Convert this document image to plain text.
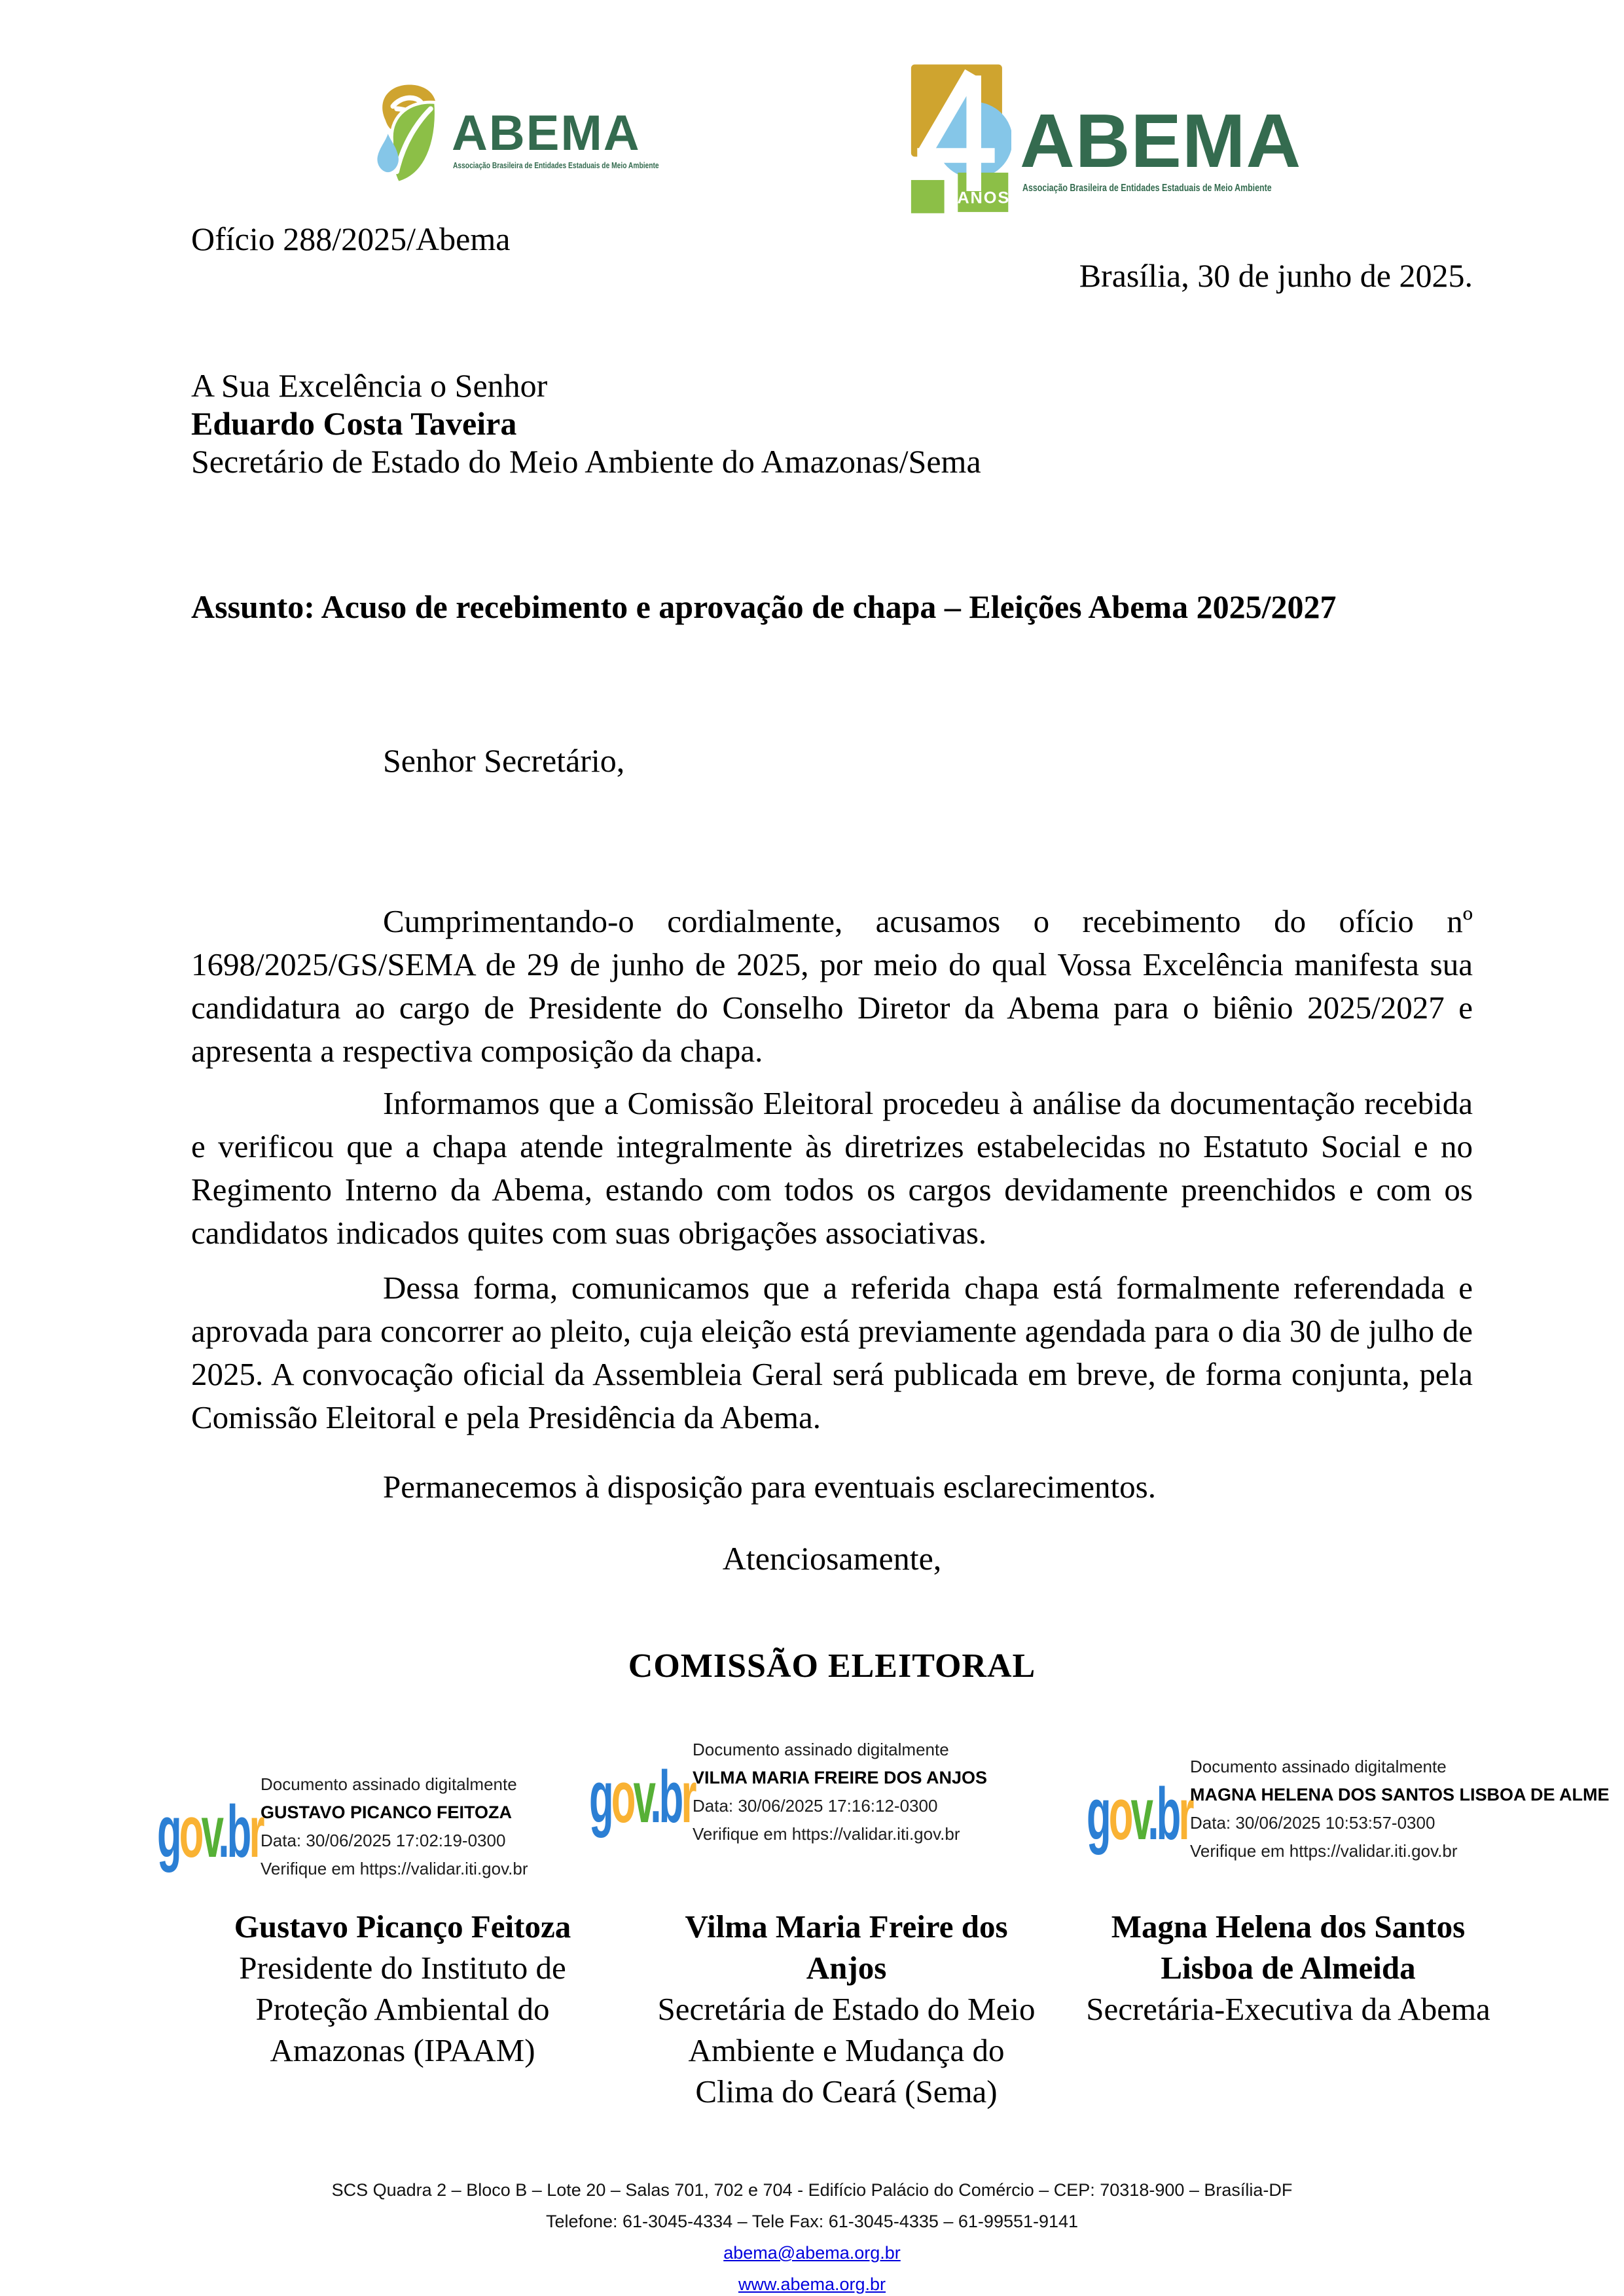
ABEMA
Associação Brasileira de Entidades Estaduais de Meio Ambiente
ANOS
ABEMA
Associação Brasileira de Entidades Estaduais de Meio Ambiente
Ofício 288/2025/Abema
Brasília, 30 de junho de 2025.
A Sua Excelência o Senhor
Eduardo Costa Taveira
Secretário de Estado do Meio Ambiente do Amazonas/Sema
Assunto: Acuso de recebimento e aprovação de chapa – Eleições Abema 2025/2027
Senhor Secretário,
Cumprimentando-o cordialmente, acusamos o recebimento do ofício nº 1698/2025/GS/SEMA de 29 de junho de 2025, por meio do qual Vossa Excelência manifesta sua candidatura ao cargo de Presidente do Conselho Diretor da Abema para o biênio 2025/2027 e apresenta a respectiva composição da chapa.
Informamos que a Comissão Eleitoral procedeu à análise da documentação recebida e verificou que a chapa atende integralmente às diretrizes estabelecidas no Estatuto Social e no Regimento Interno da Abema, estando com todos os cargos devidamente preenchidos e com os candidatos indicados quites com suas obrigações associativas.
Dessa forma, comunicamos que a referida chapa está formalmente referendada e aprovada para concorrer ao pleito, cuja eleição está previamente agendada para o dia 30 de julho de 2025. A convocação oficial da Assembleia Geral será publicada em breve, de forma conjunta, pela Comissão Eleitoral e pela Presidência da Abema.
Permanecemos à disposição para eventuais esclarecimentos.
Atenciosamente,
COMISSÃO ELEITORAL
gov.br
Documento assinado digitalmente
GUSTAVO PICANCO FEITOZA
Data: 30/06/2025 17:02:19-0300
Verifique em https://validar.iti.gov.br
gov.br
Documento assinado digitalmente
VILMA MARIA FREIRE DOS ANJOS
Data: 30/06/2025 17:16:12-0300
Verifique em https://validar.iti.gov.br	gov.br
Documento assinado digitalmente
MAGNA HELENA DOS SANTOS LISBOA DE ALME
Data: 30/06/2025 10:53:57-0300
Verifique em https://validar.iti.gov.br
Gustavo Picanço Feitoza
Presidente do Instituto de Proteção Ambiental do Amazonas (IPAAM)
Vilma Maria Freire dos Anjos
Secretária de Estado do Meio Ambiente e Mudança do Clima do Ceará (Sema)
Magna Helena dos Santos Lisboa de Almeida
Secretária-Executiva da Abema
SCS Quadra 2 – Bloco B – Lote 20 – Salas 701, 702 e 704 - Edifício Palácio do Comércio – CEP: 70318-900 – Brasília-DF
Telefone: 61-3045-4334 – Tele Fax: 61-3045-4335 – 61-99551-9141
abema@abema.org.br
www.abema.org.br
